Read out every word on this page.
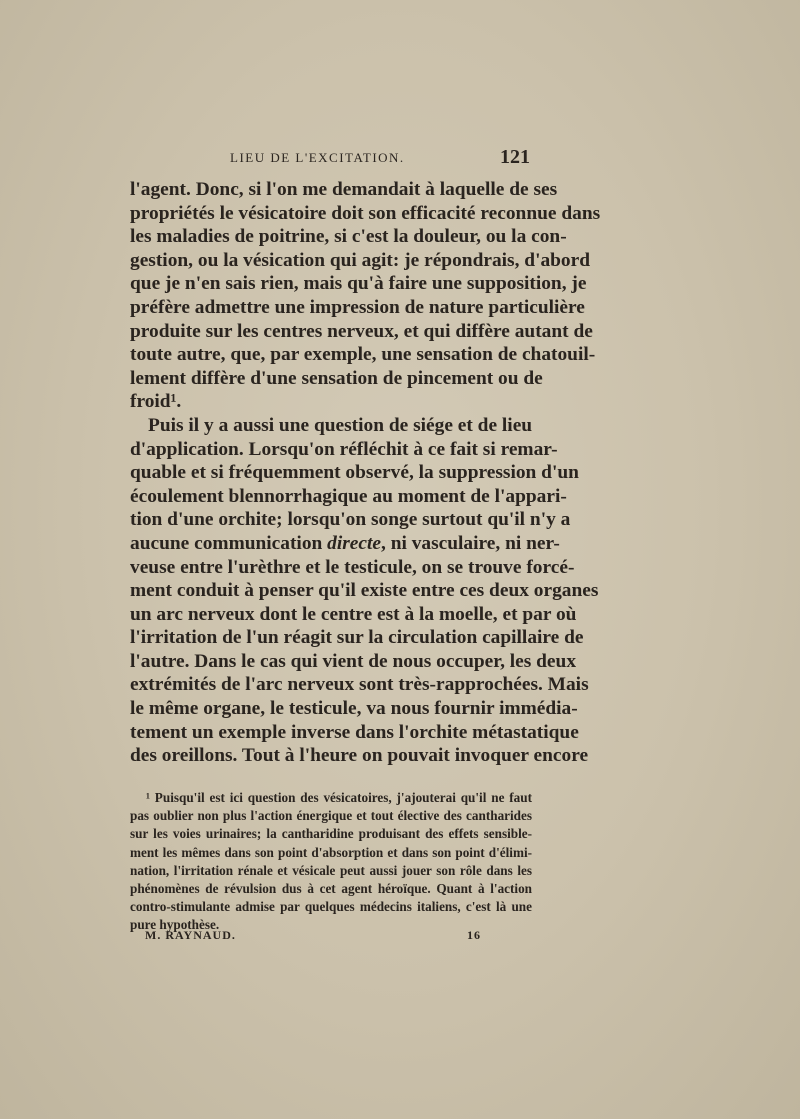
LIEU DE L'EXCITATION.	121
l'agent. Donc, si l'on me demandait à laquelle de ses
propriétés le vésicatoire doit son efficacité reconnue dans
les maladies de poitrine, si c'est la douleur, ou la con-
gestion, ou la vésication qui agit: je répondrais, d'abord
que je n'en sais rien, mais qu'à faire une supposition, je
préfère admettre une impression de nature particulière
produite sur les centres nerveux, et qui diffère autant de
toute autre, que, par exemple, une sensation de chatouil-
lement diffère d'une sensation de pincement ou de
froid¹.
Puis il y a aussi une question de siége et de lieu
d'application. Lorsqu'on réfléchit à ce fait si remar-
quable et si fréquemment observé, la suppression d'un
écoulement blennorrhagique au moment de l'appari-
tion d'une orchite; lorsqu'on songe surtout qu'il n'y a
aucune communication directe, ni vasculaire, ni ner-
veuse entre l'urèthre et le testicule, on se trouve forcé-
ment conduit à penser qu'il existe entre ces deux organes
un arc nerveux dont le centre est à la moelle, et par où
l'irritation de l'un réagit sur la circulation capillaire de
l'autre. Dans le cas qui vient de nous occuper, les deux
extrémités de l'arc nerveux sont très-rapprochées. Mais
le même organe, le testicule, va nous fournir immédia-
tement un exemple inverse dans l'orchite métastatique
des oreillons. Tout à l'heure on pouvait invoquer encore
¹ Puisqu'il est ici question des vésicatoires, j'ajouterai qu'il ne faut
pas oublier non plus l'action énergique et tout élective des cantharides
sur les voies urinaires; la cantharidine produisant des effets sensible-
ment les mêmes dans son point d'absorption et dans son point d'élimi-
nation, l'irritation rénale et vésicale peut aussi jouer son rôle dans les
phénomènes de révulsion dus à cet agent héroïque. Quant à l'action
contro-stimulante admise par quelques médecins italiens, c'est là une
pure hypothèse.
M. RAYNAUD.	16
